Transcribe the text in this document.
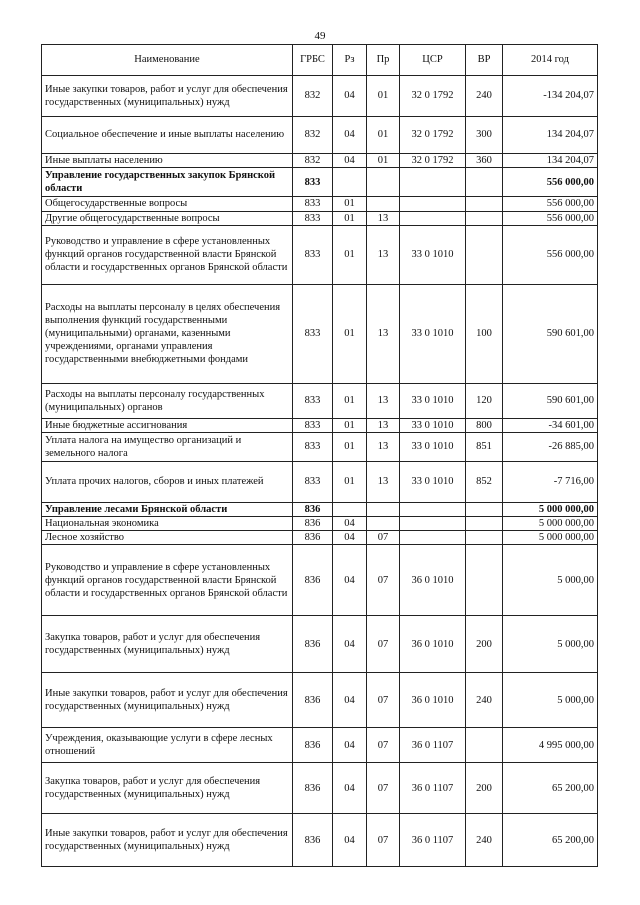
49
Наименование	ГРБС	Рз	Пр	ЦСР	ВР	2014 год
Иные закупки товаров, работ и услуг для обеспечения государственных (муниципальных) нужд	832	04	01	32 0 1792	240	-134 204,07
Социальное обеспечение и иные выплаты населению	832	04	01	32 0 1792	300	134 204,07
Иные выплаты населению	832	04	01	32 0 1792	360	134 204,07
Управление государственных закупок Брянской области	833					556 000,00
Общегосударственные вопросы	833	01				556 000,00
Другие общегосударственные вопросы	833	01	13			556 000,00
Руководство и управление в сфере установленных функций органов государственной власти Брянской области и государственных органов Брянской области	833	01	13	33 0 1010		556 000,00
Расходы на выплаты персоналу в целях обеспечения выполнения функций государственными (муниципальными) органами, казенными учреждениями, органами управления государственными внебюджетными фондами	833	01	13	33 0 1010	100	590 601,00
Расходы на выплаты персоналу государственных (муниципальных) органов	833	01	13	33 0 1010	120	590 601,00
Иные бюджетные ассигнования	833	01	13	33 0 1010	800	-34 601,00
Уплата налога на имущество организаций и земельного налога	833	01	13	33 0 1010	851	-26 885,00
Уплата прочих налогов, сборов и иных платежей	833	01	13	33 0 1010	852	-7 716,00
Управление лесами Брянской области	836					5 000 000,00
Национальная экономика	836	04				5 000 000,00
Лесное хозяйство	836	04	07			5 000 000,00
Руководство и управление в сфере установленных функций органов государственной власти Брянской области и государственных органов Брянской области	836	04	07	36 0 1010		5 000,00
Закупка товаров, работ и услуг для обеспечения государственных (муниципальных) нужд	836	04	07	36 0 1010	200	5 000,00
Иные закупки товаров, работ и услуг для обеспечения государственных (муниципальных) нужд	836	04	07	36 0 1010	240	5 000,00
Учреждения, оказывающие услуги в сфере лесных отношений	836	04	07	36 0 1107		4 995 000,00
Закупка товаров, работ и услуг для обеспечения государственных (муниципальных) нужд	836	04	07	36 0 1107	200	65 200,00
Иные закупки товаров, работ и услуг для обеспечения государственных (муниципальных) нужд	836	04	07	36 0 1107	240	65 200,00
